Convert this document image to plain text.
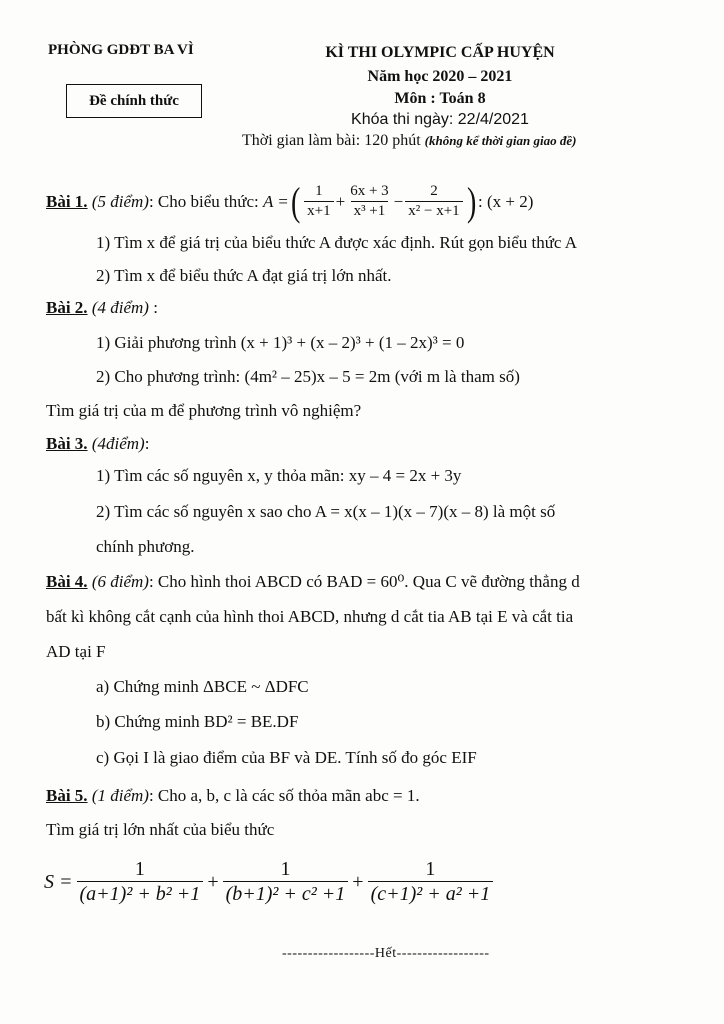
PHÒNG GDĐT BA VÌ
Đề chính thức
KÌ THI OLYMPIC CẤP HUYỆN
Năm học 2020 – 2021
Môn : Toán 8
Khóa thi ngày: 22/4/2021
Thời gian làm bài: 120 phút (không kể thời gian giao đề)
Bài 1.
(5 điểm) : Cho biểu thức:
A = ( $\frac{1}{x+1} + \frac{6x + 3}{\text{x³ +1}} - \frac{2}{\text{x² − x+1}}$ ) : (x + 2)
1) Tìm x để giá trị của biểu thức A được xác định. Rút gọn biểu thức A
2) Tìm x để biểu thức A đạt giá trị lớn nhất.
Bài 2. (4 điểm) :
1) Giải phương trình (x + 1)³ + (x – 2)³ + (1 – 2x)³ = 0
2) Cho phương trình: (4m² – 25)x – 5 = 2m (với m là tham số)
Tìm giá trị của m để phương trình vô nghiệm?
Bài 3. (4điểm):
1) Tìm các số nguyên x, y thỏa mãn: xy – 4 = 2x + 3y
2) Tìm các số nguyên x sao cho A = x(x – 1)(x – 7)(x – 8) là một số
chính phương.
Bài 4. (6 điểm): Cho hình thoi ABCD có BAD = 60⁰. Qua C vẽ đường thẳng d
bất kì không cắt cạnh của hình thoi ABCD, nhưng d cắt tia AB tại E và cắt tia
AD tại F
a) Chứng minh ΔBCE ~ ΔDFC
b) Chứng minh BD² = BE.DF
c) Gọi I là giao điểm của BF và DE. Tính số đo góc EIF
Bài 5. (1 điểm): Cho a, b, c là các số thỏa mãn abc = 1.
Tìm giá trị lớn nhất của biểu thức
$S = \frac{1}{\text{(a+1)² + b² +1}} + \frac{1}{\text{(b+1)² + c² +1}} + \frac{1}{\text{(c+1)² + a² +1}}$
------------------Hết------------------
